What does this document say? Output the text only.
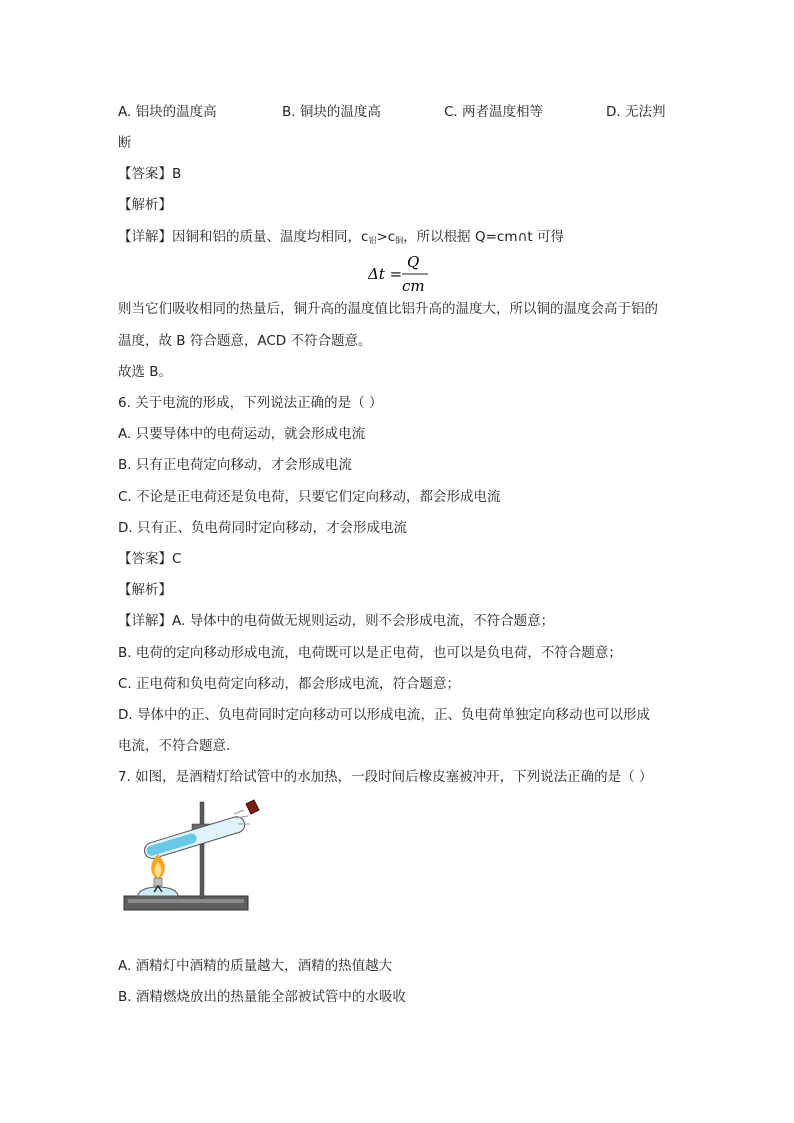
A. 铝块的温度高	B. 铜块的温度高	C. 两者温度相等	D. 无法判
断
【答案】B
【解析】
【详解】因铜和铝的质量、温度均相同，$c_铝>c_铜$，所以根据 Q=cm∩t 可得
Δt =
Q
cm
则当它们吸收相同的热量后，铜升高的温度值比铝升高的温度大，所以铜的温度会高于铝的
温度，故 B 符合题意，ACD 不符合题意。
故选 B。
6. 关于电流的形成，下列说法正确的是（ ）
A. 只要导体中的电荷运动，就会形成电流
B. 只有正电荷定向移动，才会形成电流
C. 不论是正电荷还是负电荷，只要它们定向移动，都会形成电流
D. 只有正、负电荷同时定向移动，才会形成电流
【答案】C
【解析】
【详解】A. 导体中的电荷做无规则运动，则不会形成电流，不符合题意；
B. 电荷的定向移动形成电流，电荷既可以是正电荷，也可以是负电荷，不符合题意；
C. 正电荷和负电荷定向移动，都会形成电流，符合题意；
D. 导体中的正、负电荷同时定向移动可以形成电流，正、负电荷单独定向移动也可以形成
电流，不符合题意.
7. 如图，是酒精灯给试管中的水加热，一段时间后橡皮塞被冲开，下列说法正确的是（ ）
A. 酒精灯中酒精的质量越大，酒精的热值越大
B. 酒精燃烧放出的热量能全部被试管中的水吸收
